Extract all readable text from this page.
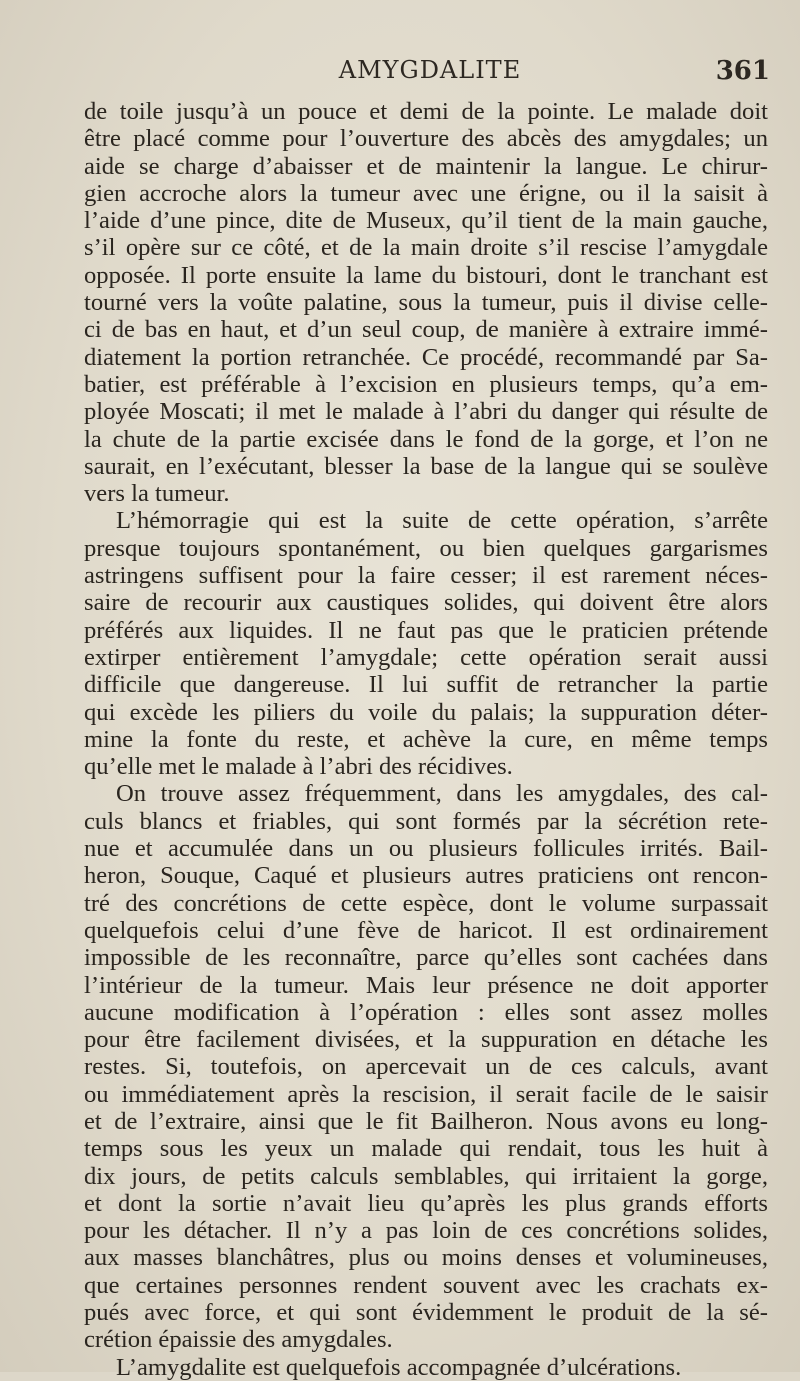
AMYGDALITE	361
de toile jusqu’à un pouce et demi de la pointe. Le malade doit
être placé comme pour l’ouverture des abcès des amygdales; un
aide se charge d’abaisser et de maintenir la langue. Le chirur-
gien accroche alors la tumeur avec une érigne, ou il la saisit à
l’aide d’une pince, dite de Museux, qu’il tient de la main gauche,
s’il opère sur ce côté, et de la main droite s’il rescise l’amygdale
opposée. Il porte ensuite la lame du bistouri, dont le tranchant est
tourné vers la voûte palatine, sous la tumeur, puis il divise celle-
ci de bas en haut, et d’un seul coup, de manière à extraire immé-
diatement la portion retranchée. Ce procédé, recommandé par Sa-
batier, est préférable à l’excision en plusieurs temps, qu’a em-
ployée Moscati; il met le malade à l’abri du danger qui résulte de
la chute de la partie excisée dans le fond de la gorge, et l’on ne
saurait, en l’exécutant, blesser la base de la langue qui se soulève
vers la tumeur.
L’hémorragie qui est la suite de cette opération, s’arrête
presque toujours spontanément, ou bien quelques gargarismes
astringens suffisent pour la faire cesser; il est rarement néces-
saire de recourir aux caustiques solides, qui doivent être alors
préférés aux liquides. Il ne faut pas que le praticien prétende
extirper entièrement l’amygdale; cette opération serait aussi
difficile que dangereuse. Il lui suffit de retrancher la partie
qui excède les piliers du voile du palais; la suppuration déter-
mine la fonte du reste, et achève la cure, en même temps
qu’elle met le malade à l’abri des récidives.
On trouve assez fréquemment, dans les amygdales, des cal-
culs blancs et friables, qui sont formés par la sécrétion rete-
nue et accumulée dans un ou plusieurs follicules irrités. Bail-
heron, Souque, Caqué et plusieurs autres praticiens ont rencon-
tré des concrétions de cette espèce, dont le volume surpassait
quelquefois celui d’une fève de haricot. Il est ordinairement
impossible de les reconnaître, parce qu’elles sont cachées dans
l’intérieur de la tumeur. Mais leur présence ne doit apporter
aucune modification à l’opération : elles sont assez molles
pour être facilement divisées, et la suppuration en détache les
restes. Si, toutefois, on apercevait un de ces calculs, avant
ou immédiatement après la rescision, il serait facile de le saisir
et de l’extraire, ainsi que le fit Bailheron. Nous avons eu long-
temps sous les yeux un malade qui rendait, tous les huit à
dix jours, de petits calculs semblables, qui irritaient la gorge,
et dont la sortie n’avait lieu qu’après les plus grands efforts
pour les détacher. Il n’y a pas loin de ces concrétions solides,
aux masses blanchâtres, plus ou moins denses et volumineuses,
que certaines personnes rendent souvent avec les crachats ex-
pués avec force, et qui sont évidemment le produit de la sé-
crétion épaissie des amygdales.
L’amygdalite est quelquefois accompagnée d’ulcérations.
